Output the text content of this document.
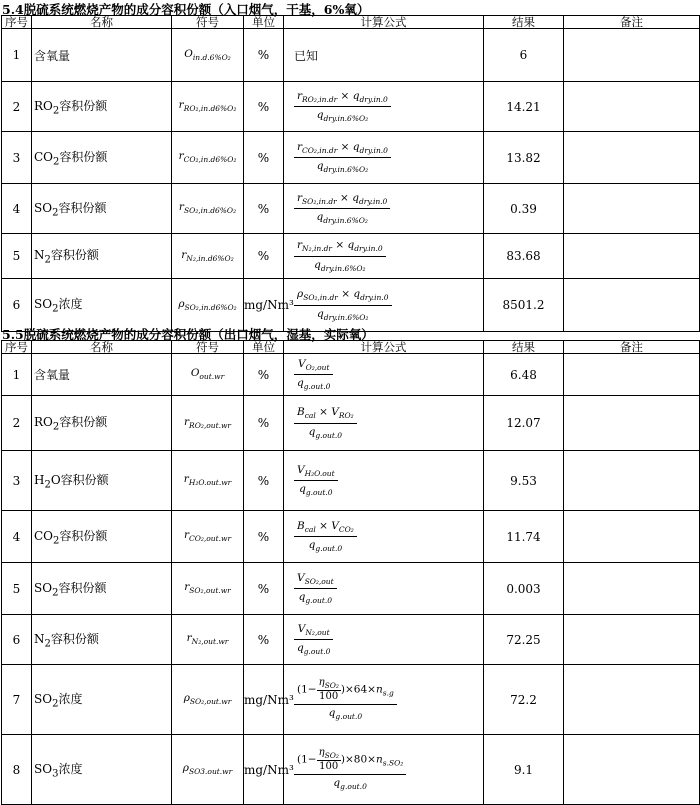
5.4脱硫系统燃烧产物的成分容积份额（入口烟气，干基，6%氧）
序号	名称	符号	单位	计算公式	结果	备注
1	含氧量	$O_{in.d.6\%O_2}$	%	已知	6	
2	$RO_2$容积份额	$r_{RO_2,in.d6\%O_2}$	%	$\frac{r_{RO_2,in.dr} \times q_{dry.in.0}}{q_{dry.in.6\%O_2}}$	14.21	
3	$CO_2$容积份额	$r_{CO_2,in.d6\%O_2}$	%	$\frac{r_{CO_2,in.dr} \times q_{dry.in.0}}{q_{dry.in.6\%O_2}}$	13.82	
4	$SO_2$容积份额	$r_{SO_2,in.d6\%O_2}$	%	$\frac{r_{SO_2,in.dr} \times q_{dry.in.0}}{q_{dry.in.6\%O_2}}$	0.39	
5	$N_2$容积份额	$r_{N_2,in.d6\%O_2}$	%	$\frac{r_{N_2,in.dr} \times q_{dry.in.0}}{q_{dry.in.6\%O_2}}$	83.68	
6	$SO_2$浓度	$\rho_{SO_2,in.d6\%O_2}$	mg/Nm³	$\frac{\rho_{SO_2,in.dr} \times q_{dry.in.0}}{q_{dry.in.6\%O_2}}$	8501.2	
5.5脱硫系统燃烧产物的成分容积份额（出口烟气，湿基，实际氧）
序号	名称	符号	单位	计算公式	结果	备注
1	含氧量	$O_{out.wr}$	%	$\frac{V_{O_2,out}}{q_{g.out.0}}$	6.48	
2	$RO_2$容积份额	$r_{RO_2,out.wr}$	%	$\frac{B_{cal} \times V_{RO_2}}{q_{g.out.0}}$	12.07	
3	$H_2O$容积份额	$r_{H_2O.out.wr}$	%	$\frac{V_{H_2O.out}}{q_{g.out.0}}$	9.53	
4	$CO_2$容积份额	$r_{CO_2,out.wr}$	%	$\frac{B_{cal} \times V_{CO_2}}{q_{g.out.0}}$	11.74	
5	$SO_2$容积份额	$r_{SO_2,out.wr}$	%	$\frac{V_{SO_2,out}}{q_{g.out.0}}$	0.003	
6	$N_2$容积份额	$r_{N_2,out.wr}$	%	$\frac{V_{N_2,out}}{q_{g.out.0}}$	72.25	
7	$SO_2$浓度	$\rho_{SO_2,out.wr}$	mg/Nm³	$\frac{(1- \frac{\eta_{SO_2}}{100} )\times 64\times n_{s.g}}{q_{g.out.0}}$	72.2	
8	$SO_3$浓度	$\rho_{SO3.out.wr}$	mg/Nm³	$\frac{(1- \frac{\eta_{SO_2}}{100} )\times 80\times n_{s.SO_2}}{q_{g.out.0}}$	9.1	
